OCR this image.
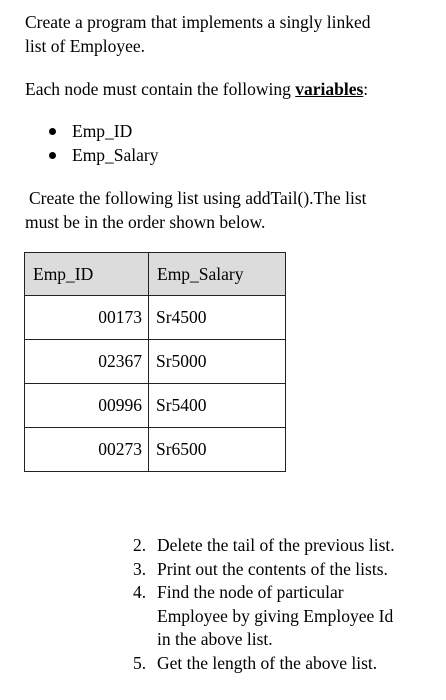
Create a program that implements a singly linked
list of Employee.
Each node must contain the following variables:
Emp_ID
Emp_Salary
Create the following list using addTail().The list
must be in the order shown below.
Emp_ID	Emp_Salary
00173	Sr4500
02367	Sr5000
00996	Sr5400
00273	Sr6500
2. Delete the tail of the previous list.
3. Print out the contents of the lists.
4. Find the node of particular
Employee by giving Employee Id
in the above list.
5. Get the length of the above list.
